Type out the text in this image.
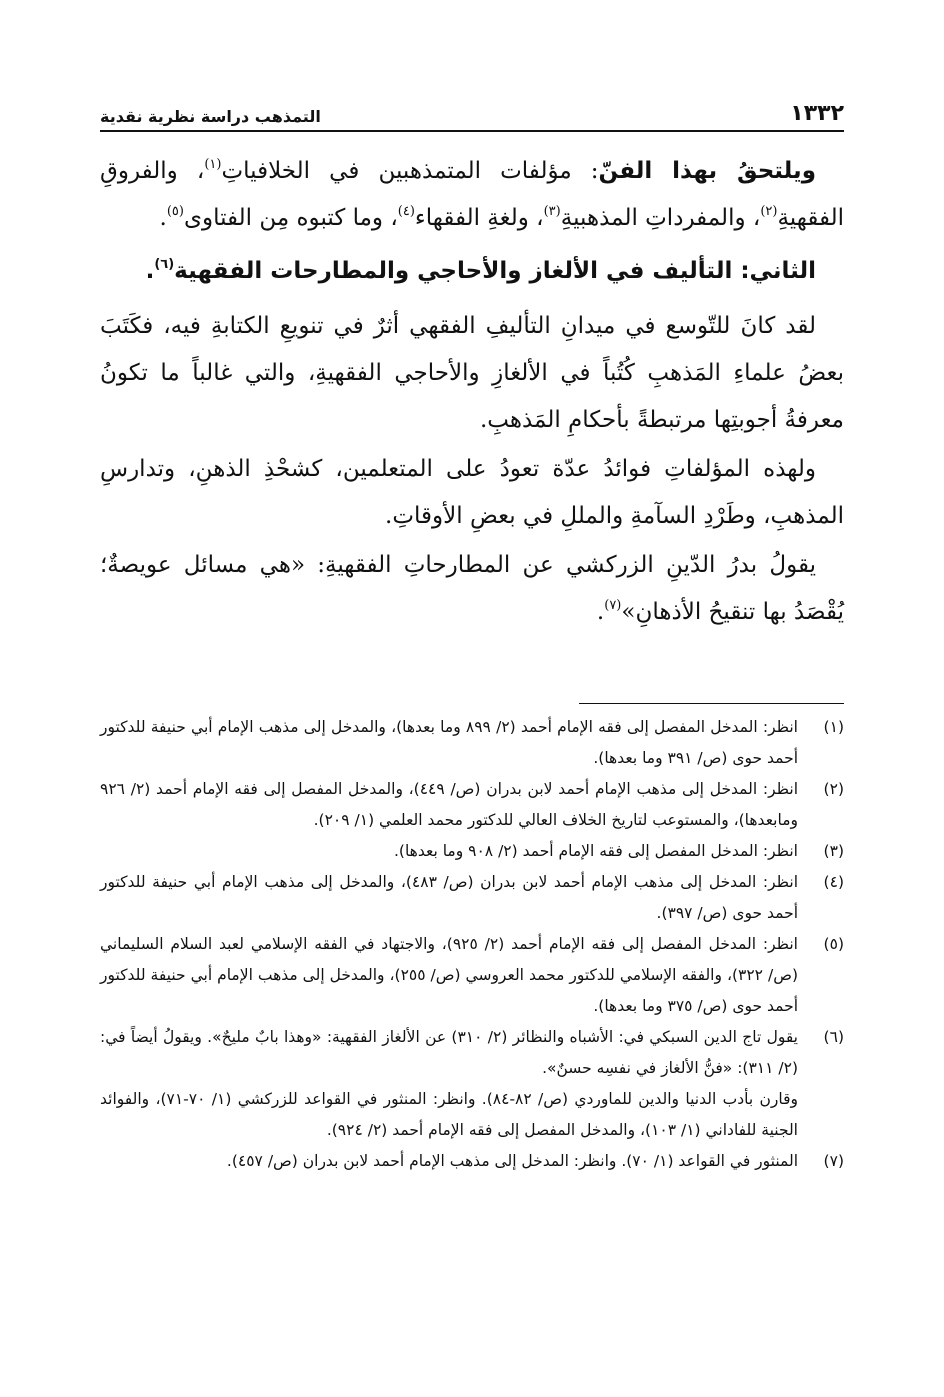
١٣٣٢
التمذهب دراسة نظرية نقدية

ويلتحقُ بهذا الفنّ: مؤلفات المتمذهبين في الخلافياتِ$^{(١)}$، والفروقِ الفقهيةِ$^{(٢)}$، والمفرداتِ المذهبيةِ$^{(٣)}$، ولغةِ الفقهاء$^{(٤)}$، وما كتبوه مِن الفتاوى$^{(٥)}$.

الثاني: التأليف في الألغاز والأحاجي والمطارحات الفقهية$^{(٦)}$.

لقد كانَ للتّوسع في ميدانِ التأليفِ الفقهي أثرٌ في تنويعِ الكتابةِ فيه، فكَتَبَ بعضُ علماءِ المَذهبِ كُتُباً في الألغازِ والأحاجي الفقهيةِ، والتي غالباً ما تكونُ معرفةُ أجوبتِها مرتبطةً بأحكامِ المَذهبِ.

ولهذه المؤلفاتِ فوائدُ عدّة تعودُ على المتعلمين، كشحْذِ الذهنِ، وتدارسِ المذهبِ، وطَرْدِ السآمةِ والمللِ في بعضِ الأوقاتِ.

يقولُ بدرُ الدّينِ الزركشي عن المطارحاتِ الفقهيةِ: «هي مسائل عويصةٌ؛ يُقْصَدُ بها تنقيحُ الأذهانِ»$^{(٧)}$.

(١)
انظر: المدخل المفصل إلى فقه الإمام أحمد (٢/ ٨٩٩ وما بعدها)، والمدخل إلى مذهب الإمام أبي حنيفة للدكتور أحمد حوى (ص/ ٣٩١ وما بعدها).
(٢)
انظر: المدخل إلى مذهب الإمام أحمد لابن بدران (ص/ ٤٤٩)، والمدخل المفصل إلى فقه الإمام أحمد (٢/ ٩٢٦ ومابعدها)، والمستوعب لتاريخ الخلاف العالي للدكتور محمد العلمي (١/ ٢٠٩).
(٣)
انظر: المدخل المفصل إلى فقه الإمام أحمد (٢/ ٩٠٨ وما بعدها).
(٤)
انظر: المدخل إلى مذهب الإمام أحمد لابن بدران (ص/ ٤٨٣)، والمدخل إلى مذهب الإمام أبي حنيفة للدكتور أحمد حوى (ص/ ٣٩٧).
(٥)
انظر: المدخل المفصل إلى فقه الإمام أحمد (٢/ ٩٢٥)، والاجتهاد في الفقه الإسلامي لعبد السلام السليماني (ص/ ٣٢٢)، والفقه الإسلامي للدكتور محمد العروسي (ص/ ٢٥٥)، والمدخل إلى مذهب الإمام أبي حنيفة للدكتور أحمد حوى (ص/ ٣٧٥ وما بعدها).
(٦)
يقول تاج الدين السبكي في: الأشباه والنظائر (٢/ ٣١٠) عن الألغاز الفقهية: «وهذا بابٌ مليحٌ». ويقولُ أيضاً في: (٢/ ٣١١): «فنُّ الألغاز في نفسِه حسنٌ».
وقارن بأدب الدنيا والدين للماوردي (ص/ ٨٢-٨٤). وانظر: المنثور في القواعد للزركشي (١/ ٧٠-٧١)، والفوائد الجنية للفاداني (١/ ١٠٣)، والمدخل المفصل إلى فقه الإمام أحمد (٢/ ٩٢٤).
(٧)
المنثور في القواعد (١/ ٧٠). وانظر: المدخل إلى مذهب الإمام أحمد لابن بدران (ص/ ٤٥٧).
